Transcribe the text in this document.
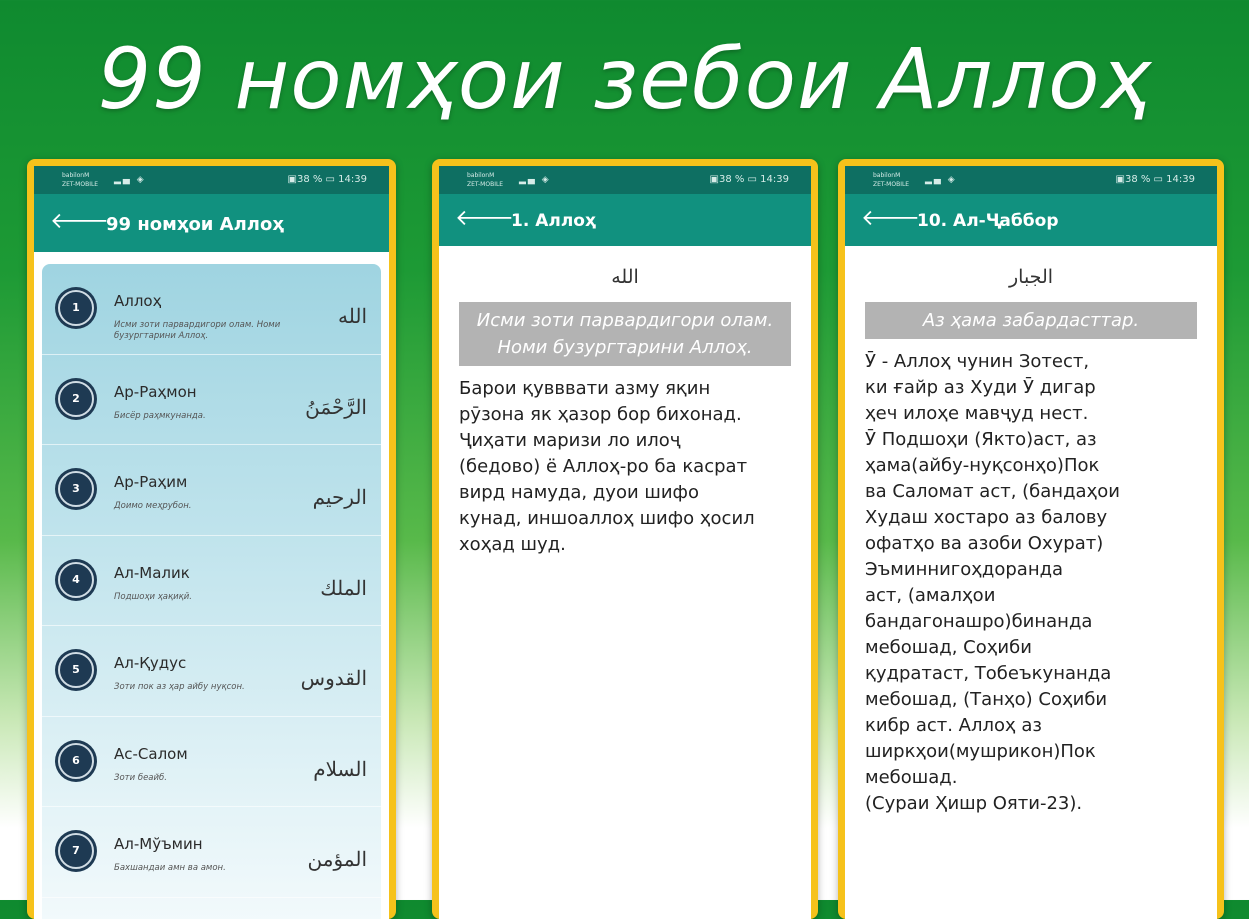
99 номҳои зебои Аллоҳ
babilonM
ZET-MOBILE ▂▄ ◈	▣38 % ▭ 14:39
🡐
99 номҳои Аллоҳ
1	Аллоҳ
Исми зоти парвардигори олам. Номи бузургтарини Аллоҳ.
الله
2	Ар-Раҳмон
Бисёр раҳмкунанда.	الرَّحْمَنُ
3	Ар-Раҳим
Доимо меҳрубон.	الرحيم
4	Ал-Малик
Подшоҳи ҳақиқӣ.	الملك
5	Ал-Қудус
Зоти пок аз ҳар айбу нуқсон.	القدوس
6	Ас-Салом
Зоти беайб.	السلام
7	Ал-Мўъмин
Бахшандаи амн ва амон.	المؤمن
babilonM
ZET-MOBILE ▂▄ ◈	▣38 % ▭ 14:39
🡐
1. Аллоҳ
الله
Исми зоти парвардигори олам. Номи бузургтарини Аллоҳ.
Барои қувввати азму яқин
рӯзона як ҳазор бор биxонад.
Ҷиҳати маризи ло илоҷ
(бедово) ё Аллоҳ-ро ба касрат
вирд намуда, дуои шифо
кунад, иншоаллоҳ шифо ҳосил
хоҳад шуд.
babilonM
ZET-MOBILE ▂▄ ◈	▣38 % ▭ 14:39
🡐
10. Ал-Ҷаббор
الجبار
Аз ҳама забардасттар.
Ӯ - Аллоҳ чунин Зотест,
ки ғайр аз Худи Ӯ дигар
ҳеч илоҳе мавҷуд нест.
Ӯ Подшоҳи (Якто)аст, аз
ҳама(айбу-нуқсонҳо)Пок
ва Саломат аст, (бандаҳои
Худаш хостаро аз балову
офатҳо ва азоби Охурат)
Эъминнигоҳдоранда
аст, (амалҳои
бандагонашро)бинанда
мебошад, Соҳиби
қудратаст, Тобеъкунанда
мебошад, (Танҳо) Соҳиби
кибр аст. Аллоҳ аз
ширкҳои(мушрикон)Пок
мебошад.
(Сураи Ҳишр Ояти-23).
